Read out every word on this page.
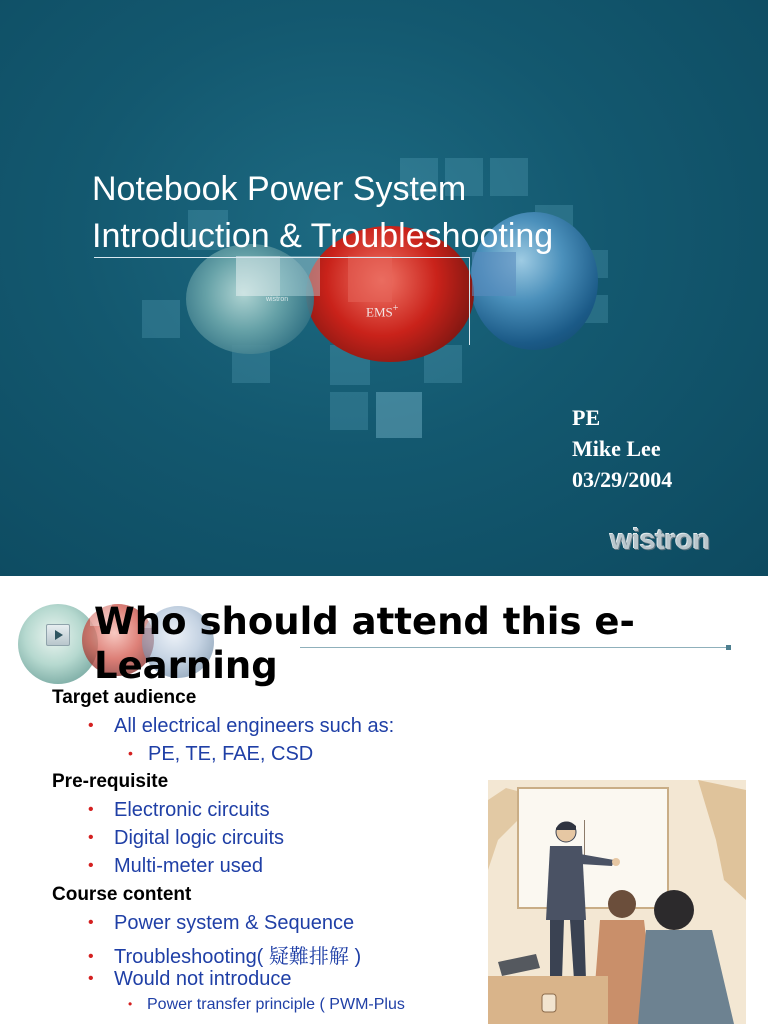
wistron
EMS+
Notebook Power System
Introduction & Troubleshooting
PE
Mike Lee
03/29/2004
wistron
Who should attend this e-Learning
Target audience
• All electrical engineers such as:
• PE, TE, FAE, CSD
Pre-requisite
• Electronic circuits
• Digital logic circuits
• Multi-meter used
Course content
• Power system & Sequence
• Troubleshooting( 疑難排解 )
• Would not introduce
• Power transfer principle ( PWM-Plus
